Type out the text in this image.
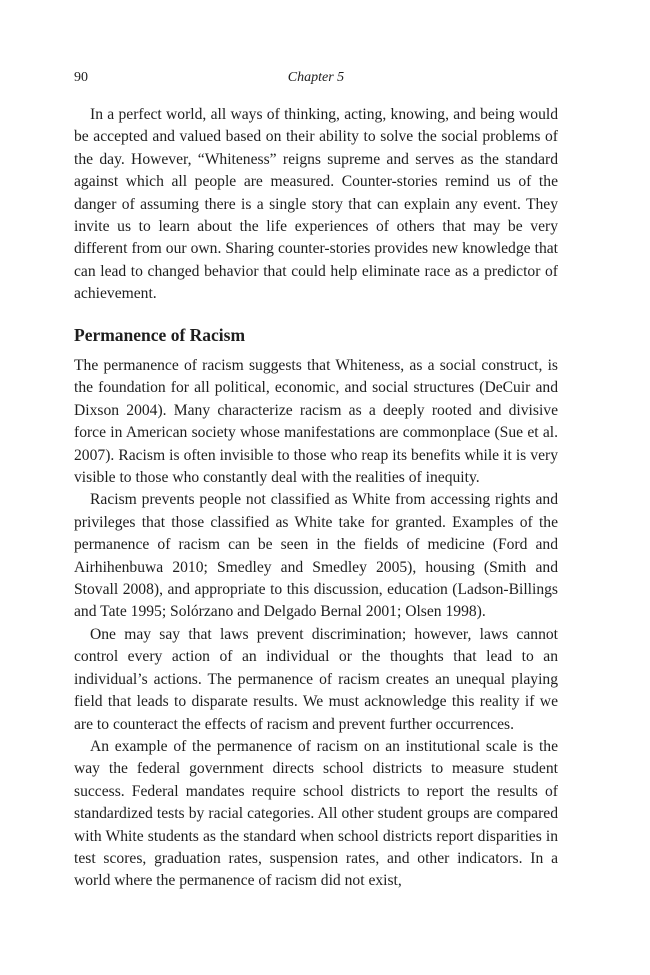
90	Chapter 5

In a perfect world, all ways of thinking, acting, knowing, and being would be accepted and valued based on their ability to solve the social problems of the day. However, “Whiteness” reigns supreme and serves as the standard against which all people are measured. Counter-stories remind us of the danger of assuming there is a single story that can explain any event. They invite us to learn about the life experiences of others that may be very different from our own. Sharing counter-stories provides new knowledge that can lead to changed behavior that could help eliminate race as a predictor of achievement.

Permanence of Racism

The permanence of racism suggests that Whiteness, as a social construct, is the foundation for all political, economic, and social structures (DeCuir and Dixson 2004). Many characterize racism as a deeply rooted and divisive force in American society whose manifestations are commonplace (Sue et al. 2007). Racism is often invisible to those who reap its benefits while it is very visible to those who constantly deal with the realities of inequity.

Racism prevents people not classified as White from accessing rights and privileges that those classified as White take for granted. Examples of the permanence of racism can be seen in the fields of medicine (Ford and Airhihenbuwa 2010; Smedley and Smedley 2005), housing (Smith and Stovall 2008), and appropriate to this discussion, education (Ladson-Billings and Tate 1995; Solórzano and Delgado Bernal 2001; Olsen 1998).

One may say that laws prevent discrimination; however, laws cannot control every action of an individual or the thoughts that lead to an individual’s actions. The permanence of racism creates an unequal playing field that leads to disparate results. We must acknowledge this reality if we are to counteract the effects of racism and prevent further occurrences.

An example of the permanence of racism on an institutional scale is the way the federal government directs school districts to measure student success. Federal mandates require school districts to report the results of standardized tests by racial categories. All other student groups are compared with White students as the standard when school districts report disparities in test scores, graduation rates, suspension rates, and other indicators. In a world where the permanence of racism did not exist,
